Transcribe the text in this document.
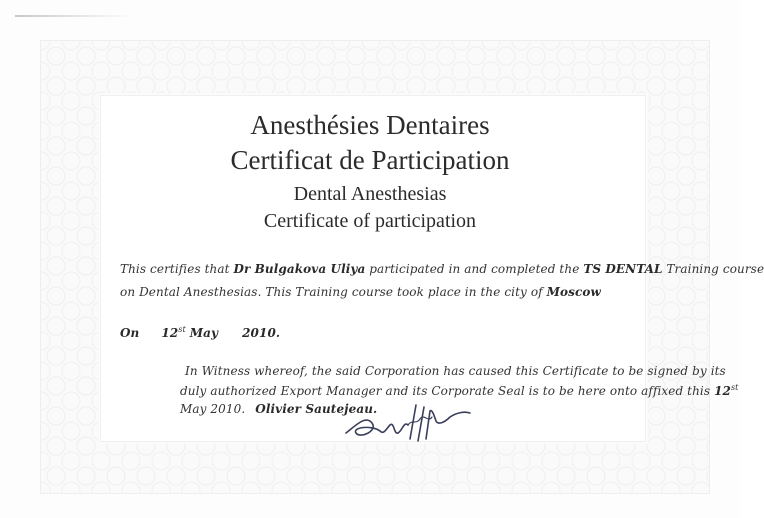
Anesthésies Dentaires
Certificat de Participation
Dental Anesthesias
Certificate of participation
This certifies that Dr Bulgakova Uliya participated in and completed the TS DENTAL Training course
on Dental Anesthesias. This Training course took place in the city of Moscow
On 12st May 2010.
In Witness whereof, the said Corporation has caused this Certificate to be signed by its
duly authorized Export Manager and its Corporate Seal is to be here onto affixed this 12st
May 2010. Olivier Sautejeau.
